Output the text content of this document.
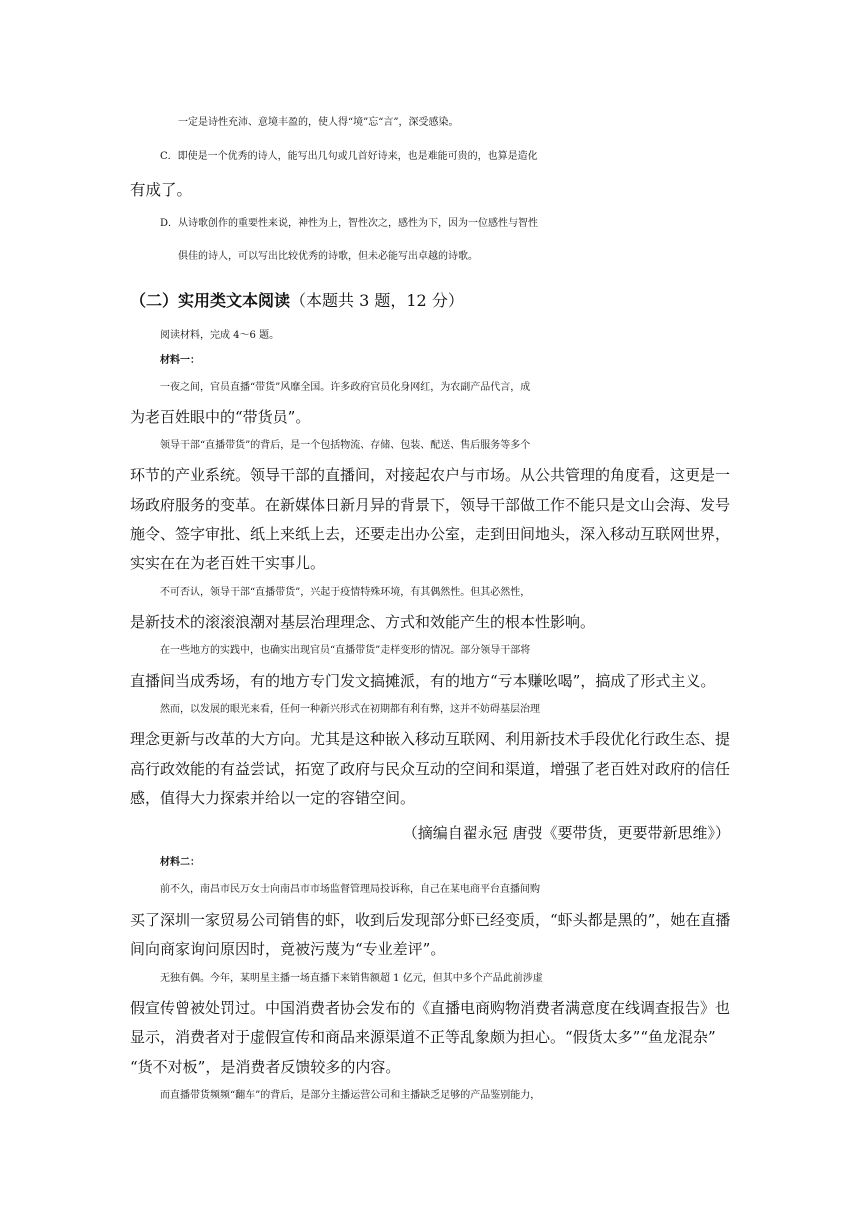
一定是诗性充沛、意境丰盈的，使人得“境”忘“言”，深受感染。
C．即使是一个优秀的诗人，能写出几句或几首好诗来，也是难能可贵的，也算是造化
有成了。
D．从诗歌创作的重要性来说，神性为上，智性次之，感性为下，因为一位感性与智性
俱佳的诗人，可以写出比较优秀的诗歌，但未必能写出卓越的诗歌。
（二）实用类文本阅读（本题共 3 题，12 分）
阅读材料，完成 4～6 题。
材料一：
一夜之间，官员直播“带货”风靡全国。许多政府官员化身网红，为农副产品代言，成
为老百姓眼中的“带货员”。
领导干部“直播带货”的背后，是一个包括物流、存储、包装、配送、售后服务等多个
环节的产业系统。领导干部的直播间，对接起农户与市场。从公共管理的角度看，这更是一
场政府服务的变革。在新媒体日新月异的背景下，领导干部做工作不能只是文山会海、发号
施令、签字审批、纸上来纸上去，还要走出办公室，走到田间地头，深入移动互联网世界，
实实在在为老百姓干实事儿。
不可否认，领导干部“直播带货”，兴起于疫情特殊环境，有其偶然性。但其必然性，
是新技术的滚滚浪潮对基层治理理念、方式和效能产生的根本性影响。
在一些地方的实践中，也确实出现官员“直播带货”走样变形的情况。部分领导干部将
直播间当成秀场，有的地方专门发文搞摊派，有的地方“亏本赚吆喝”，搞成了形式主义。
然而，以发展的眼光来看，任何一种新兴形式在初期都有利有弊，这并不妨碍基层治理
理念更新与改革的大方向。尤其是这种嵌入移动互联网、利用新技术手段优化行政生态、提
高行政效能的有益尝试，拓宽了政府与民众互动的空间和渠道，增强了老百姓对政府的信任
感，值得大力探索并给以一定的容错空间。
（摘编自翟永冠 唐弢《要带货，更要带新思维》）
材料二：
前不久，南昌市民万女士向南昌市市场监督管理局投诉称，自己在某电商平台直播间购
买了深圳一家贸易公司销售的虾，收到后发现部分虾已经变质，“虾头都是黑的”，她在直播
间向商家询问原因时，竟被污蔑为“专业差评”。
无独有偶。今年，某明星主播一场直播下来销售额超 1 亿元，但其中多个产品此前涉虚
假宣传曾被处罚过。中国消费者协会发布的《直播电商购物消费者满意度在线调查报告》也
显示，消费者对于虚假宣传和商品来源渠道不正等乱象颇为担心。“假货太多”“鱼龙混杂”
“货不对板”，是消费者反馈较多的内容。
而直播带货频频“翻车”的背后，是部分主播运营公司和主播缺乏足够的产品鉴别能力，
